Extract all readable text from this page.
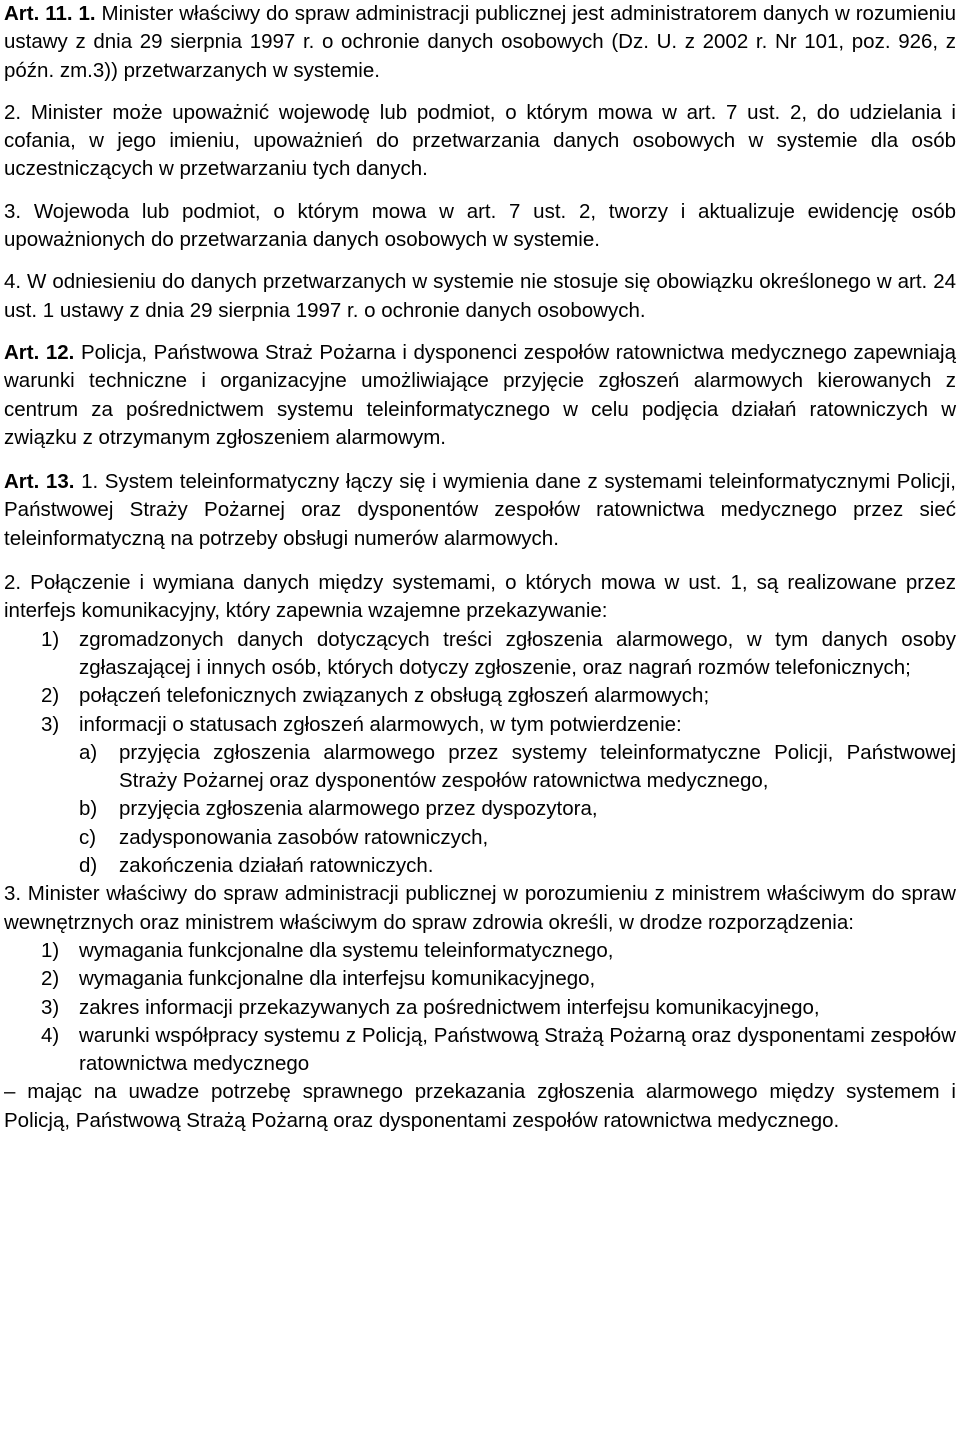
Art. 11. 1. Minister właściwy do spraw administracji publicznej jest administratorem danych w rozumieniu ustawy z dnia 29 sierpnia 1997 r. o ochronie danych osobowych (Dz. U. z 2002 r. Nr 101, poz. 926, z późn. zm.3)) przetwarzanych w systemie.

2. Minister może upoważnić wojewodę lub podmiot, o którym mowa w art. 7 ust. 2, do udzielania i cofania, w jego imieniu, upoważnień do przetwarzania danych osobowych w systemie dla osób uczestniczących w przetwarzaniu tych danych.

3. Wojewoda lub podmiot, o którym mowa w art. 7 ust. 2, tworzy i aktualizuje ewidencję osób upoważnionych do przetwarzania danych osobowych w systemie.

4. W odniesieniu do danych przetwarzanych w systemie nie stosuje się obowiązku określonego w art. 24 ust. 1 ustawy z dnia 29 sierpnia 1997 r. o ochronie danych osobowych.

Art. 12. Policja, Państwowa Straż Pożarna i dysponenci zespołów ratownictwa medycznego zapewniają warunki techniczne i organizacyjne umożliwiające przyjęcie zgłoszeń alarmowych kierowanych z centrum za pośrednictwem systemu teleinformatycznego w celu podjęcia działań ratowniczych w związku z otrzymanym zgłoszeniem alarmowym.

Art. 13. 1. System teleinformatyczny łączy się i wymienia dane z systemami teleinformatycznymi Policji, Państwowej Straży Pożarnej oraz dysponentów zespołów ratownictwa medycznego przez sieć teleinformatyczną na potrzeby obsługi numerów alarmowych.

2. Połączenie i wymiana danych między systemami, o których mowa w ust. 1, są realizowane przez interfejs komunikacyjny, który zapewnia wzajemne przekazywanie:

1) zgromadzonych danych dotyczących treści zgłoszenia alarmowego, w tym danych osoby zgłaszającej i innych osób, których dotyczy zgłoszenie, oraz nagrań rozmów telefonicznych;
2) połączeń telefonicznych związanych z obsługą zgłoszeń alarmowych;
3) informacji o statusach zgłoszeń alarmowych, w tym potwierdzenie:
a)	przyjęcia zgłoszenia alarmowego przez systemy teleinformatyczne Policji, Państwowej Straży Pożarnej oraz dysponentów zespołów ratownictwa medycznego,
b)	przyjęcia zgłoszenia alarmowego przez dyspozytora,
c)	zadysponowania zasobów ratowniczych,
d)	zakończenia działań ratowniczych.

3. Minister właściwy do spraw administracji publicznej w porozumieniu z ministrem właściwym do spraw wewnętrznych oraz ministrem właściwym do spraw zdrowia określi, w drodze rozporządzenia:

1) wymagania funkcjonalne dla systemu teleinformatycznego,
2) wymagania funkcjonalne dla interfejsu komunikacyjnego,
3) zakres informacji przekazywanych za pośrednictwem interfejsu komunikacyjnego,
4) warunki współpracy systemu z Policją, Państwową Strażą Pożarną oraz dysponentami zespołów ratownictwa medycznego

– mając na uwadze potrzebę sprawnego przekazania zgłoszenia alarmowego między systemem i Policją, Państwową Strażą Pożarną oraz dysponentami zespołów ratownictwa medycznego.
